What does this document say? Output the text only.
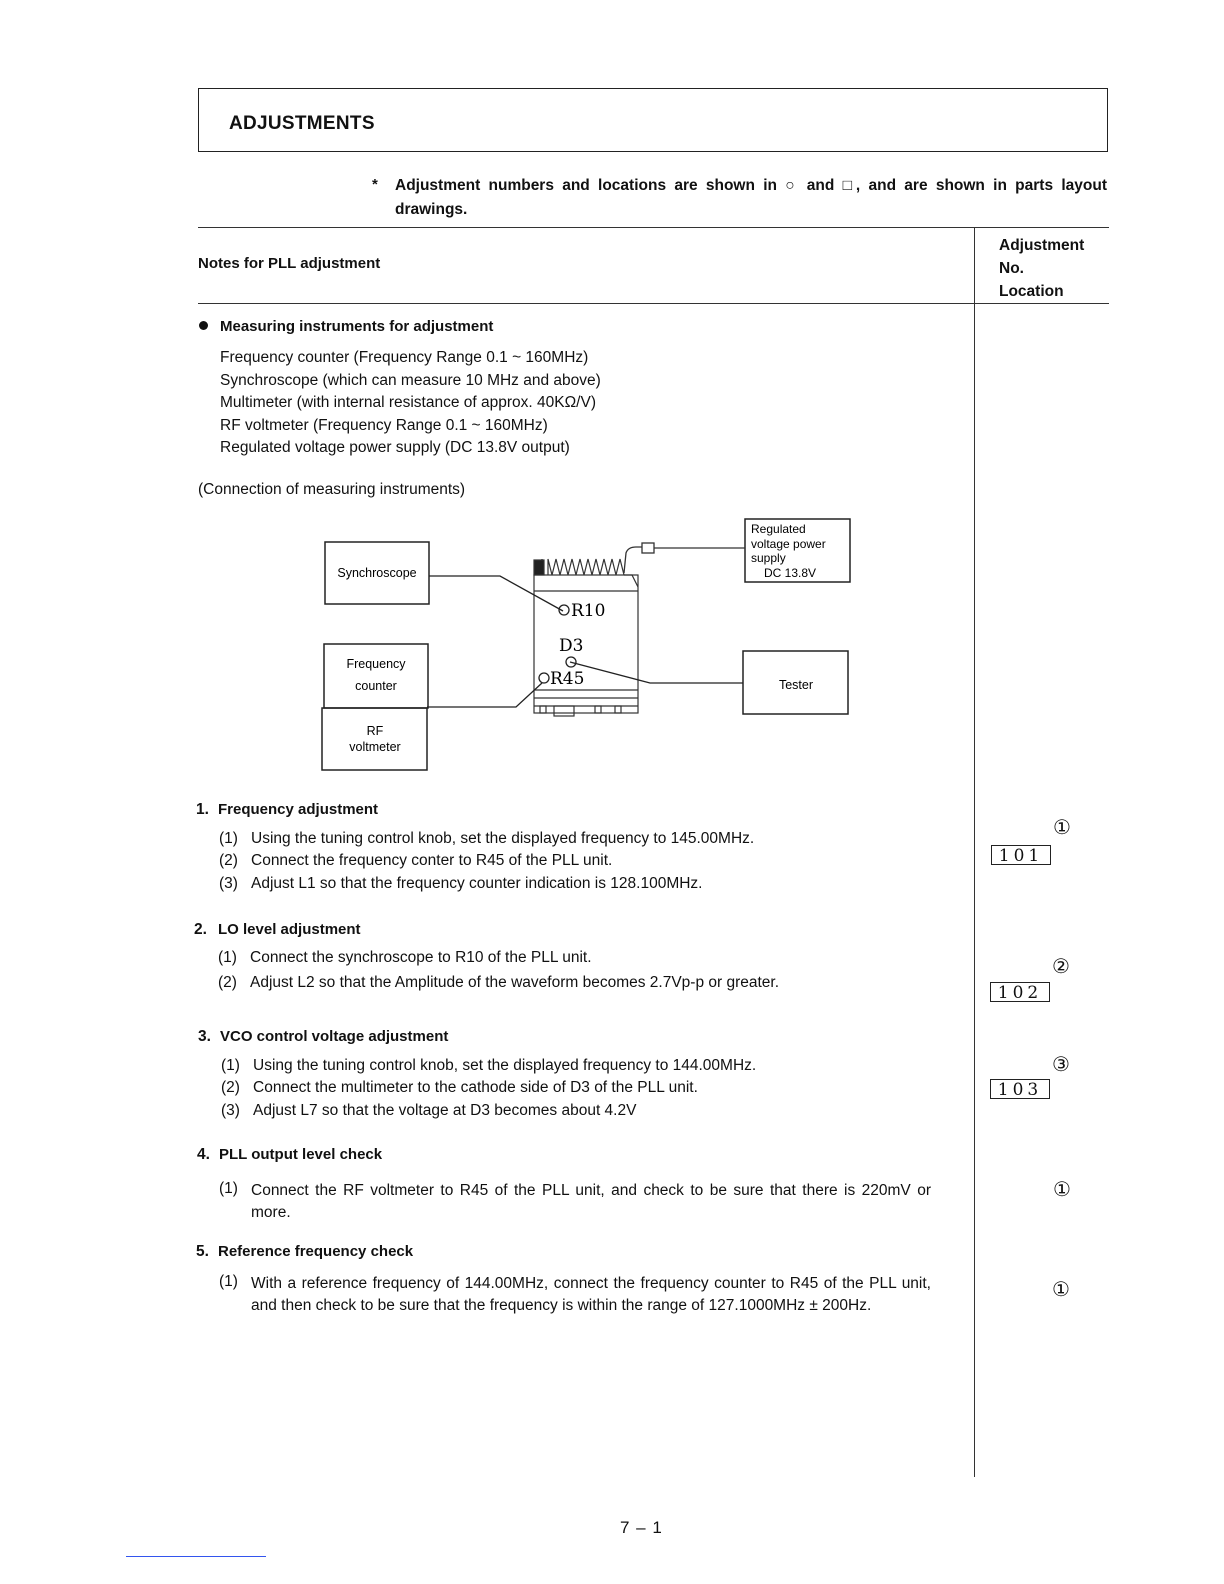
ADJUSTMENTS
* Adjustment numbers and locations are shown in ○ and □, and are shown in parts layout drawings.
Notes for PLL adjustment
Adjustment
No.
Location
Measuring instruments for adjustment
Frequency counter (Frequency Range 0.1 ~ 160MHz)
Synchroscope (which can measure 10 MHz and above)
Multimeter (with internal resistance of approx. 40KΩ/V)
RF voltmeter (Frequency Range 0.1 ~ 160MHz)
Regulated voltage power supply (DC 13.8V output)
(Connection of measuring instruments)
Synchroscope
Frequency
counter
RF
voltmeter
Regulated
voltage power
supply
DC 13.8V
Tester
R10
D3
R45
1. Frequency adjustment
(1) Using the tuning control knob, set the displayed frequency to 145.00MHz.
(2) Connect the frequency conter to R45 of the PLL unit.
(3) Adjust L1 so that the frequency counter indication is 128.100MHz.
①
101
2. LO level adjustment
(1) Connect the synchroscope to R10 of the PLL unit.
(2) Adjust L2 so that the Amplitude of the waveform becomes 2.7Vp-p or greater.
②
102
3. VCO control voltage adjustment
(1) Using the tuning control knob, set the displayed frequency to 144.00MHz.
(2) Connect the multimeter to the cathode side of D3 of the PLL unit.
(3) Adjust L7 so that the voltage at D3 becomes about 4.2V
③
103
4. PLL output level check
(1) Connect the RF voltmeter to R45 of the PLL unit, and check to be sure that there is 220mV or more.
①
5. Reference frequency check
(1) With a reference frequency of 144.00MHz, connect the frequency counter to R45 of the PLL unit, and then check to be sure that the frequency is within the range of 127.1000MHz ± 200Hz.
①
7 – 1
